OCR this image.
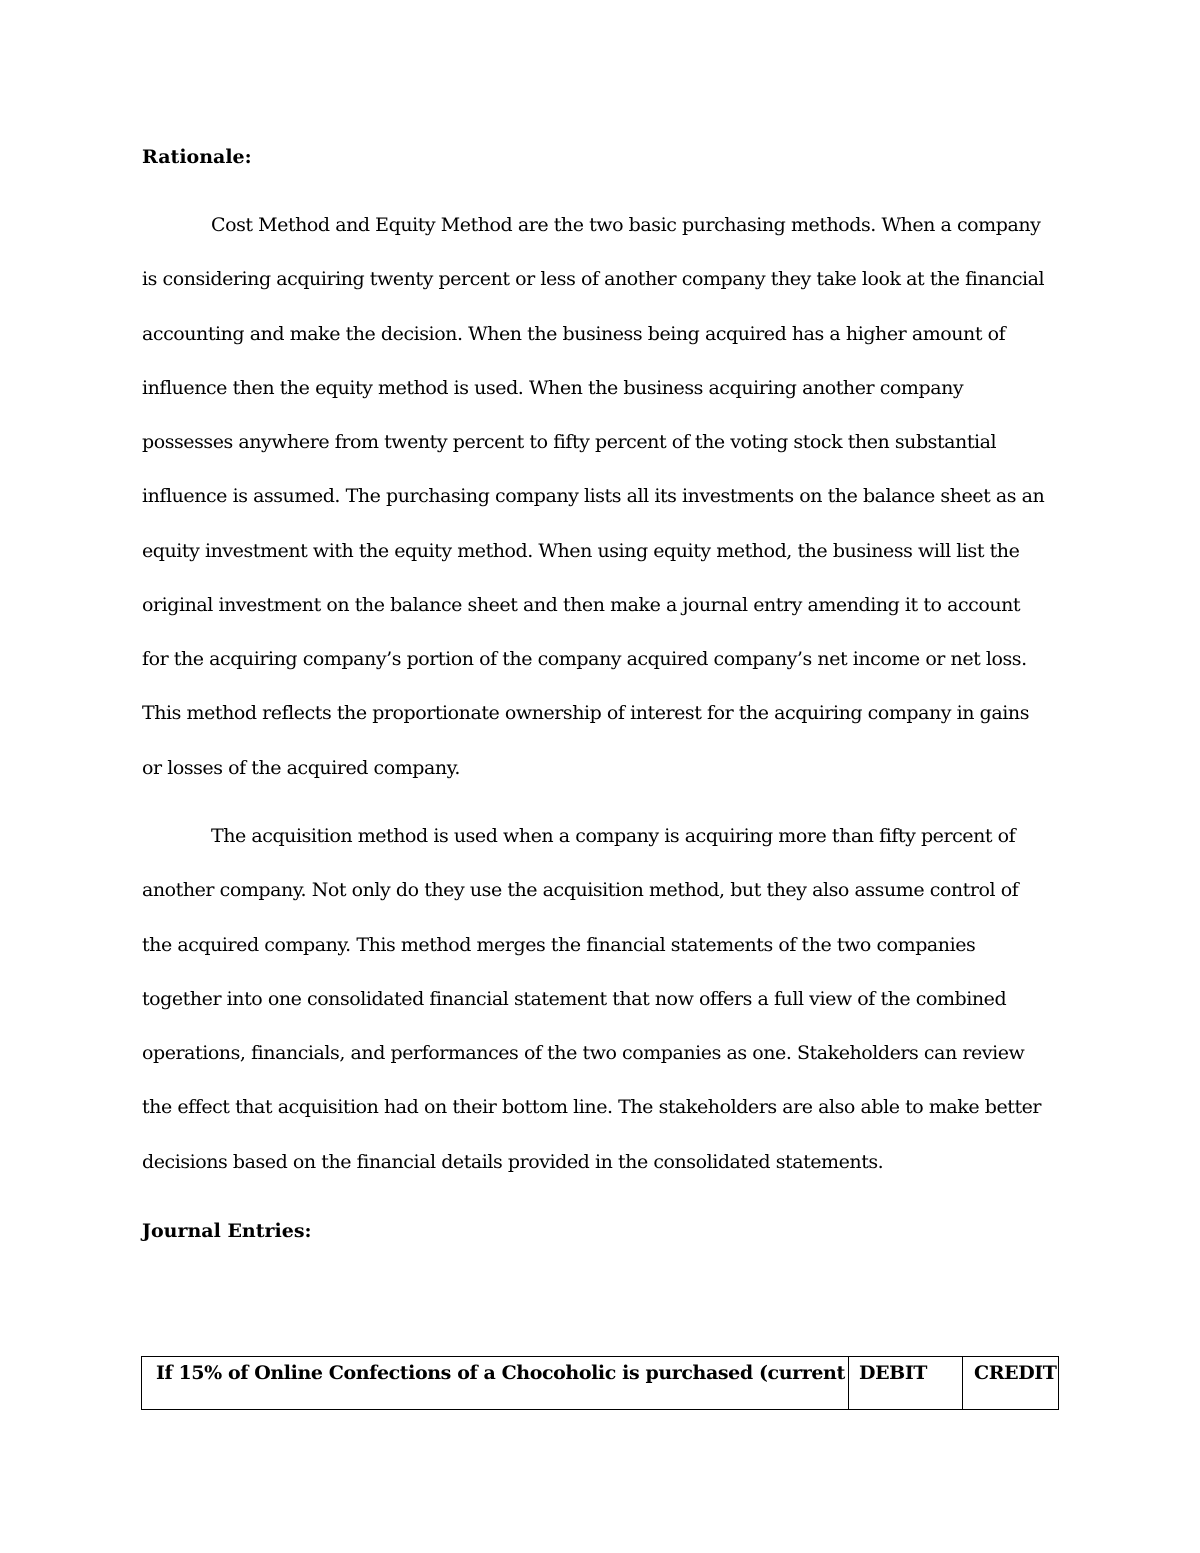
Rationale:

Cost Method and Equity Method are the two basic purchasing methods. When a company
is considering acquiring twenty percent or less of another company they take look at the financial
accounting and make the decision. When the business being acquired has a higher amount of
influence then the equity method is used. When the business acquiring another company
possesses anywhere from twenty percent to fifty percent of the voting stock then substantial
influence is assumed. The purchasing company lists all its investments on the balance sheet as an
equity investment with the equity method. When using equity method, the business will list the
original investment on the balance sheet and then make a journal entry amending it to account
for the acquiring company’s portion of the company acquired company’s net income or net loss.
This method reflects the proportionate ownership of interest for the acquiring company in gains
or losses of the acquired company.

The acquisition method is used when a company is acquiring more than fifty percent of
another company. Not only do they use the acquisition method, but they also assume control of
the acquired company. This method merges the financial statements of the two companies
together into one consolidated financial statement that now offers a full view of the combined
operations, financials, and performances of the two companies as one. Stakeholders can review
the effect that acquisition had on their bottom line. The stakeholders are also able to make better
decisions based on the financial details provided in the consolidated statements.

Journal Entries:
If 15% of Online Confections of a Chocoholic is purchased (current	DEBIT	CREDIT
